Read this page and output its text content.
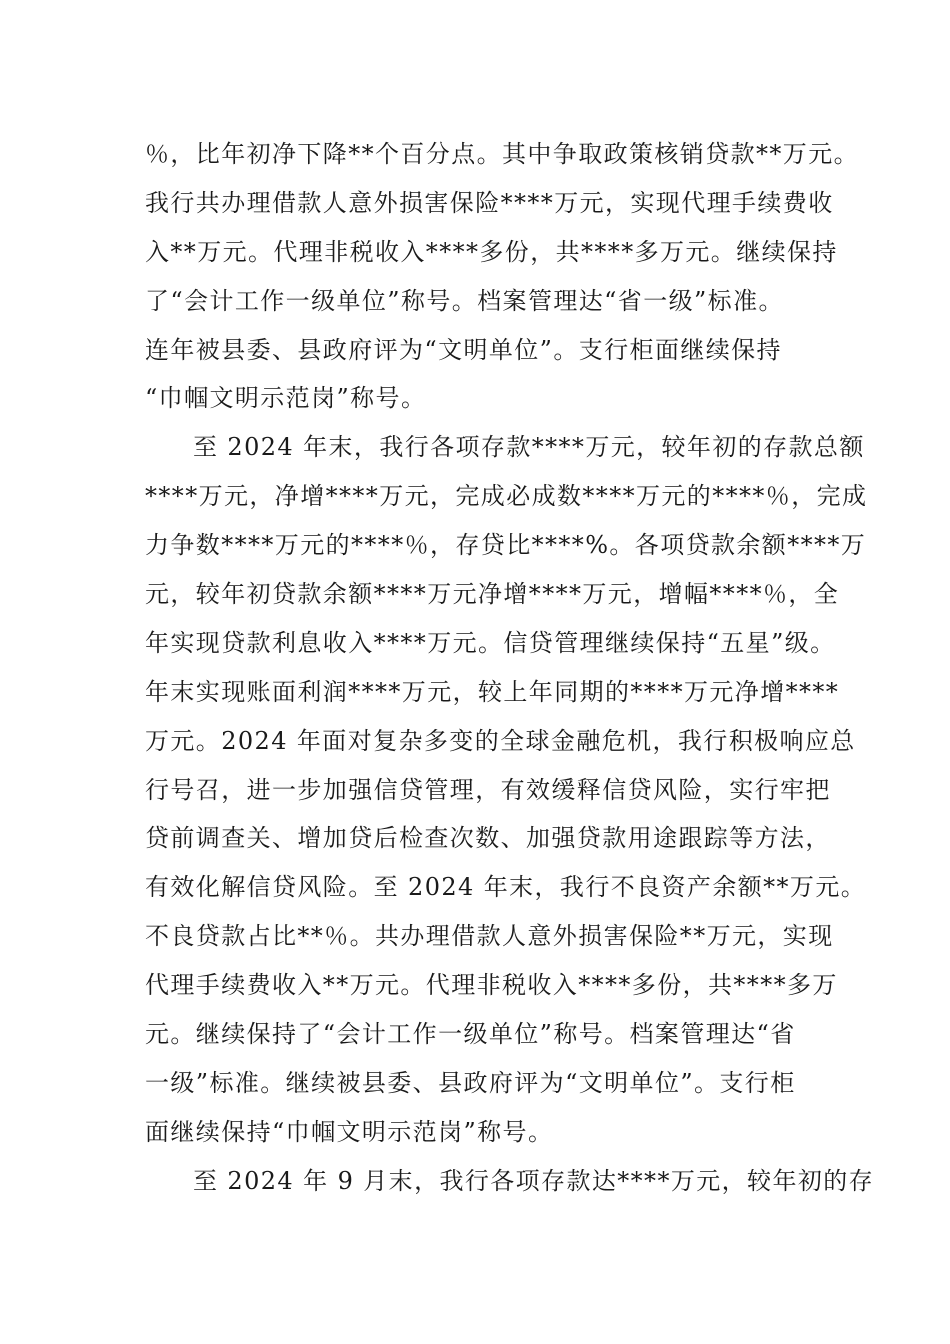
％，比年初净下降**个百分点。其中争取政策核销贷款**万元。
我行共办理借款人意外损害保险****万元，实现代理手续费收
入**万元。代理非税收入****多份，共****多万元。继续保持
了“会计工作一级单位”称号。档案管理达“省一级”标准。
连年被县委、县政府评为“文明单位”。支行柜面继续保持
“巾帼文明示范岗”称号。
至 2024 年末，我行各项存款****万元，较年初的存款总额
****万元，净增****万元，完成必成数****万元的****％，完成
力争数****万元的****％，存贷比****%。各项贷款余额****万
元，较年初贷款余额****万元净增****万元，增幅****％，全
年实现贷款利息收入****万元。信贷管理继续保持“五星”级。
年末实现账面利润****万元，较上年同期的****万元净增****
万元。2024 年面对复杂多变的全球金融危机，我行积极响应总
行号召，进一步加强信贷管理，有效缓释信贷风险，实行牢把
贷前调查关、增加贷后检查次数、加强贷款用途跟踪等方法，
有效化解信贷风险。至 2024 年末，我行不良资产余额**万元。
不良贷款占比**％。共办理借款人意外损害保险**万元，实现
代理手续费收入**万元。代理非税收入****多份，共****多万
元。继续保持了“会计工作一级单位”称号。档案管理达“省
一级”标准。继续被县委、县政府评为“文明单位”。支行柜
面继续保持“巾帼文明示范岗”称号。
至 2024 年 9 月末，我行各项存款达****万元，较年初的存
